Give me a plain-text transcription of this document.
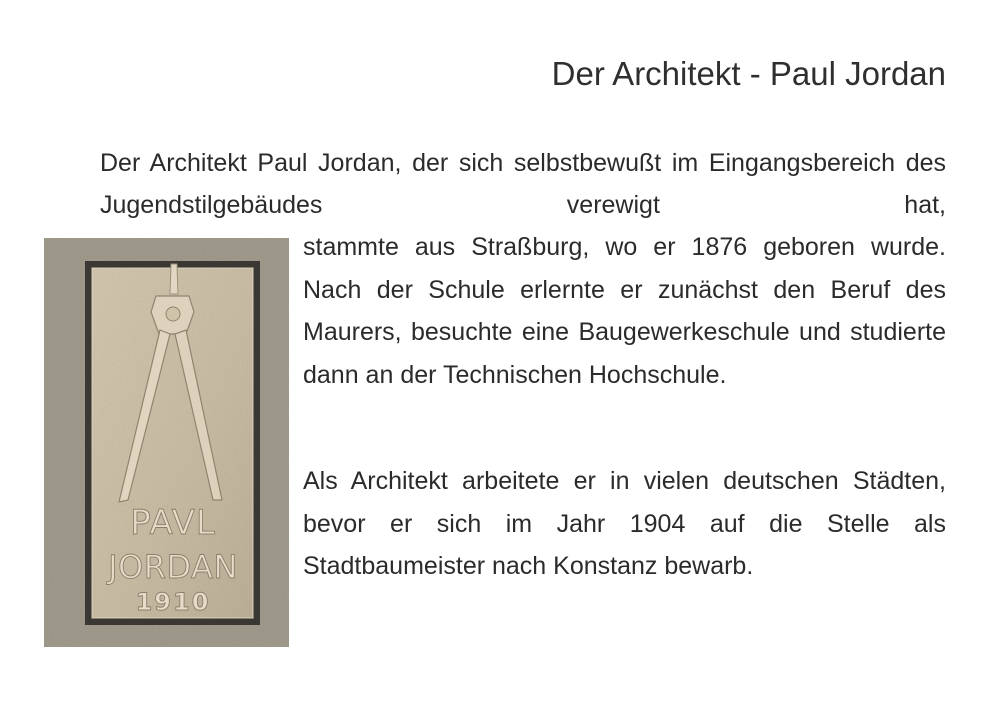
Der Architekt - Paul Jordan
Der Architekt Paul Jordan, der sich selbstbewußt im Eingangsbereich des Jugendstilgebäudes verewigt hat,
PAVL
JORDAN
1910
stammte aus Straßburg, wo er 1876 geboren wurde. Nach der Schule erlernte er zunächst den Beruf des Maurers, besuchte eine Baugewerkeschule und studierte dann an der Technischen Hochschule.
Als Architekt arbeitete er in vielen deutschen Städten, bevor er sich im Jahr 1904 auf die Stelle als Stadtbaumeister nach Konstanz bewarb.
